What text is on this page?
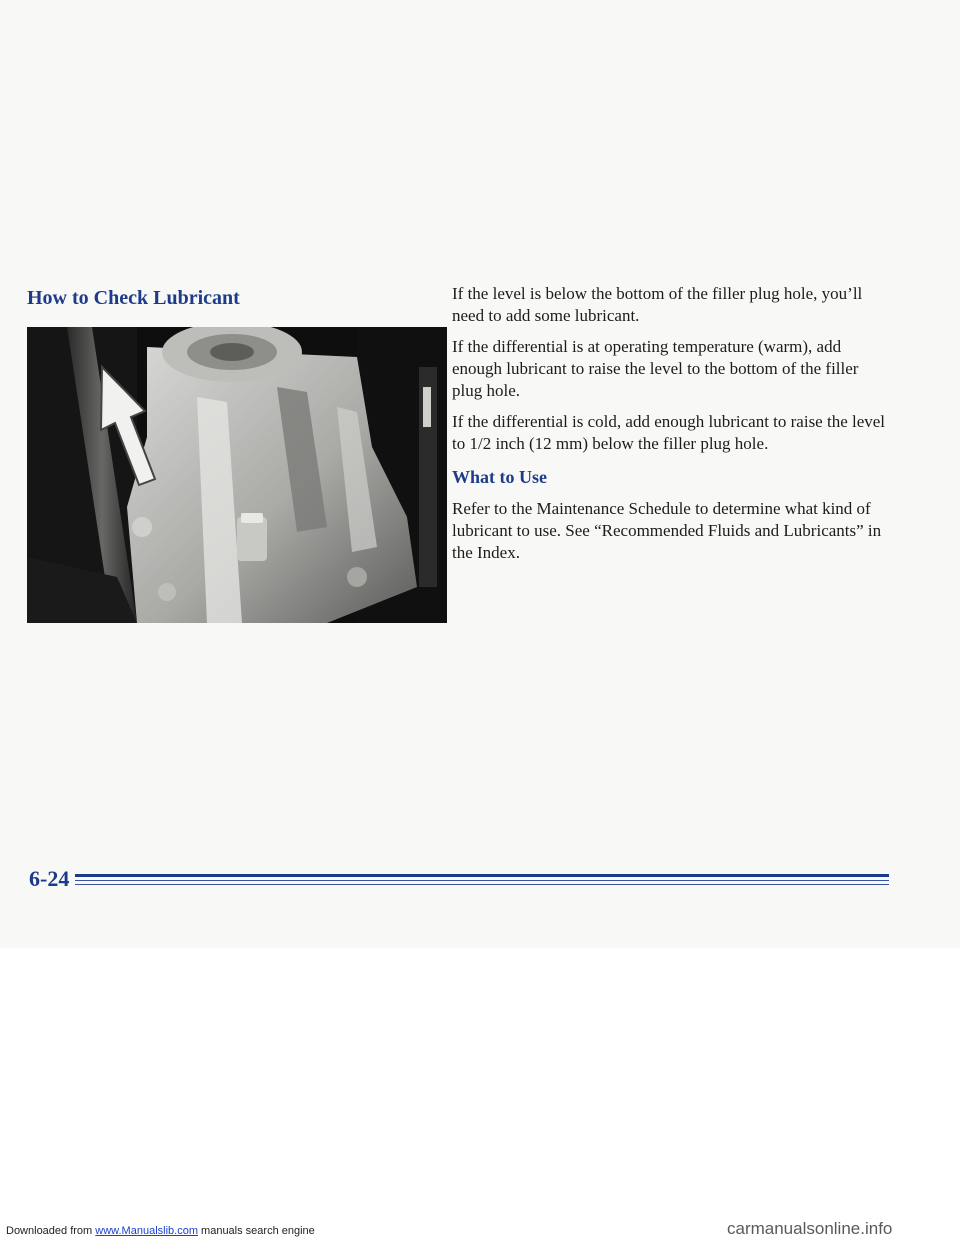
How to Check Lubricant	If the level is below the bottom of the filler plug hole, you’ll need to add some lubricant.

If the differential is at operating temperature (warm), add enough lubricant to raise the level to the bottom of the filler plug hole.

If the differential is cold, add enough lubricant to raise the level to 1/2 inch (12 mm) below the filler plug hole.

What to Use

Refer to the Maintenance Schedule to determine what kind of lubricant to use. See “Recommended Fluids and Lubricants” in the Index.

6-24
Downloaded from www.Manualslib.com manuals search engine	carmanualsonline.info
